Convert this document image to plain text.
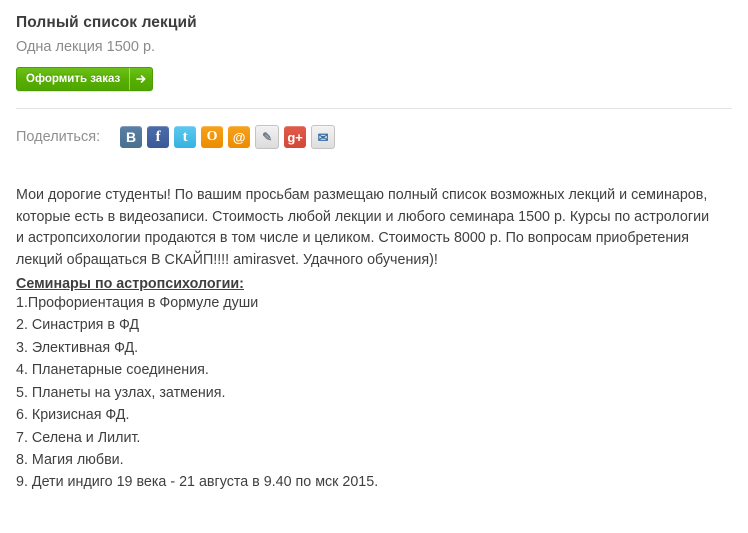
Полный список лекций
Одна лекция 1500 р.
Оформить заказ
Поделиться:	В	f	t	O	@	✎	g+	✉
Мои дорогие студенты! По вашим просьбам размещаю полный список возможных лекций и семинаров, которые есть в видеозаписи. Стоимость любой лекции и любого семинара 1500 р. Курсы по астрологии и астропсихологии продаются в том числе и целиком. Стоимость 8000 р. По вопросам приобретения лекций обращаться В СКАЙП!!!! amirasvet. Удачного обучения)!
Семинары по астропсихологии:
1.Профориентация в Формуле души
2. Синастрия в ФД
3. Элективная ФД.
4. Планетарные соединения.
5. Планеты на узлах, затмения.
6. Кризисная ФД.
7. Селена и Лилит.
8. Магия любви.
9. Дети индиго 19 века - 21 августа в 9.40 по мск 2015.
